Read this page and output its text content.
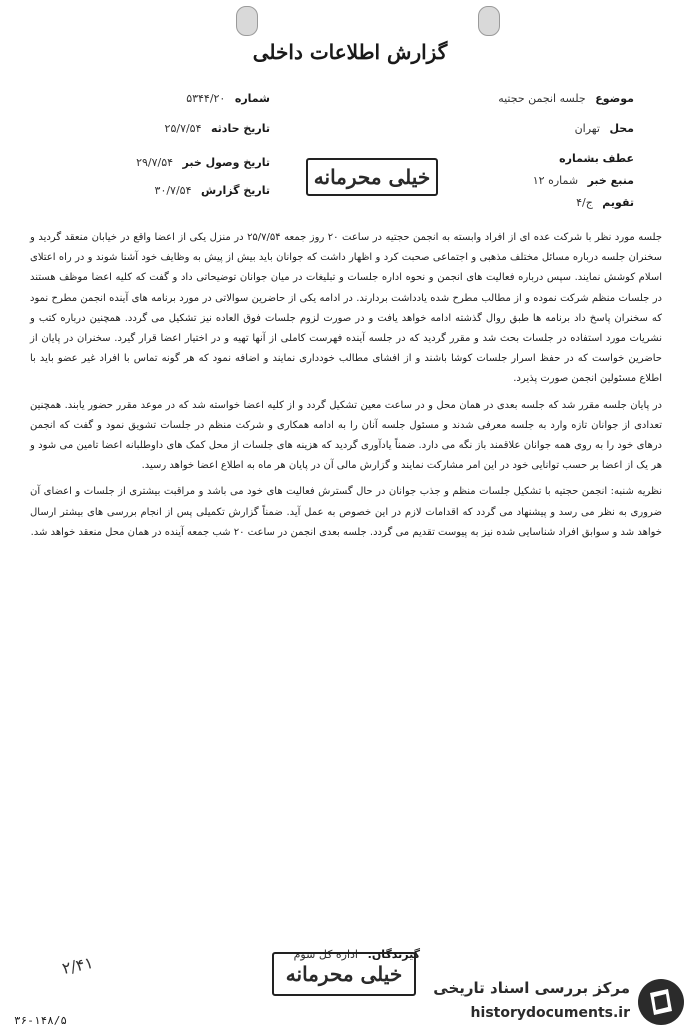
گزارش اطلاعات داخلی
موضوع جلسه انجمن حجتیه
محل تهران
عطف بشماره
منبع خبر شماره ۱۲
تقویم ج/۴
شماره ۵۳۴۴/۲۰
تاریخ حادثه ۲۵/۷/۵۴
تاریخ وصول خبر ۲۹/۷/۵۴
تاریخ گزارش ۳۰/۷/۵۴
خیلی محرمانه

جلسه مورد نظر با شرکت عده ای از افراد وابسته به انجمن حجتیه در ساعت ۲۰ روز جمعه ۲۵/۷/۵۴ در منزل یکی از اعضا واقع در خیابان منعقد گردید و سخنران جلسه درباره مسائل مختلف مذهبی و اجتماعی صحبت کرد و اظهار داشت که جوانان باید بیش از پیش به وظایف خود آشنا شوند و در راه اعتلای اسلام کوشش نمایند. سپس درباره فعالیت های انجمن و نحوه اداره جلسات و تبلیغات در میان جوانان توضیحاتی داد و گفت که کلیه اعضا موظف هستند در جلسات منظم شرکت نموده و از مطالب مطرح شده یادداشت بردارند. در ادامه یکی از حاضرین سوالاتی در مورد برنامه های آینده انجمن مطرح نمود که سخنران پاسخ داد برنامه ها طبق روال گذشته ادامه خواهد یافت و در صورت لزوم جلسات فوق العاده نیز تشکیل می گردد. همچنین درباره کتب و نشریات مورد استفاده در جلسات بحث شد و مقرر گردید که در جلسه آینده فهرست کاملی از آنها تهیه و در اختیار اعضا قرار گیرد. سخنران در پایان از حاضرین خواست که در حفظ اسرار جلسات کوشا باشند و از افشای مطالب خودداری نمایند و اضافه نمود که هر گونه تماس با افراد غیر عضو باید با اطلاع مسئولین انجمن صورت پذیرد.

در پایان جلسه مقرر شد که جلسه بعدی در همان محل و در ساعت معین تشکیل گردد و از کلیه اعضا خواسته شد که در موعد مقرر حضور یابند. همچنین تعدادی از جوانان تازه وارد به جلسه معرفی شدند و مسئول جلسه آنان را به ادامه همکاری و شرکت منظم در جلسات تشویق نمود و گفت که انجمن درهای خود را به روی همه جوانان علاقمند باز نگه می دارد. ضمناً یادآوری گردید که هزینه های جلسات از محل کمک های داوطلبانه اعضا تامین می شود و هر یک از اعضا بر حسب توانایی خود در این امر مشارکت نمایند و گزارش مالی آن در پایان هر ماه به اطلاع اعضا خواهد رسید.

نظریه شنبه: انجمن حجتیه با تشکیل جلسات منظم و جذب جوانان در حال گسترش فعالیت های خود می باشد و مراقبت بیشتری از جلسات و اعضای آن ضروری به نظر می رسد و پیشنهاد می گردد که اقدامات لازم در این خصوص به عمل آید. ضمناً گزارش تکمیلی پس از انجام بررسی های بیشتر ارسال خواهد شد و سوابق افراد شناسایی شده نیز به پیوست تقدیم می گردد. جلسه بعدی انجمن در ساعت ۲۰ شب جمعه آینده در همان محل منعقد خواهد شد.

گیرندگان: اداره کل سوم
خیلی محرمانه
۲/۴۱
۳۶-۱۴۸/۵
مرکز بررسی اسناد تاریخی
historydocuments.ir
